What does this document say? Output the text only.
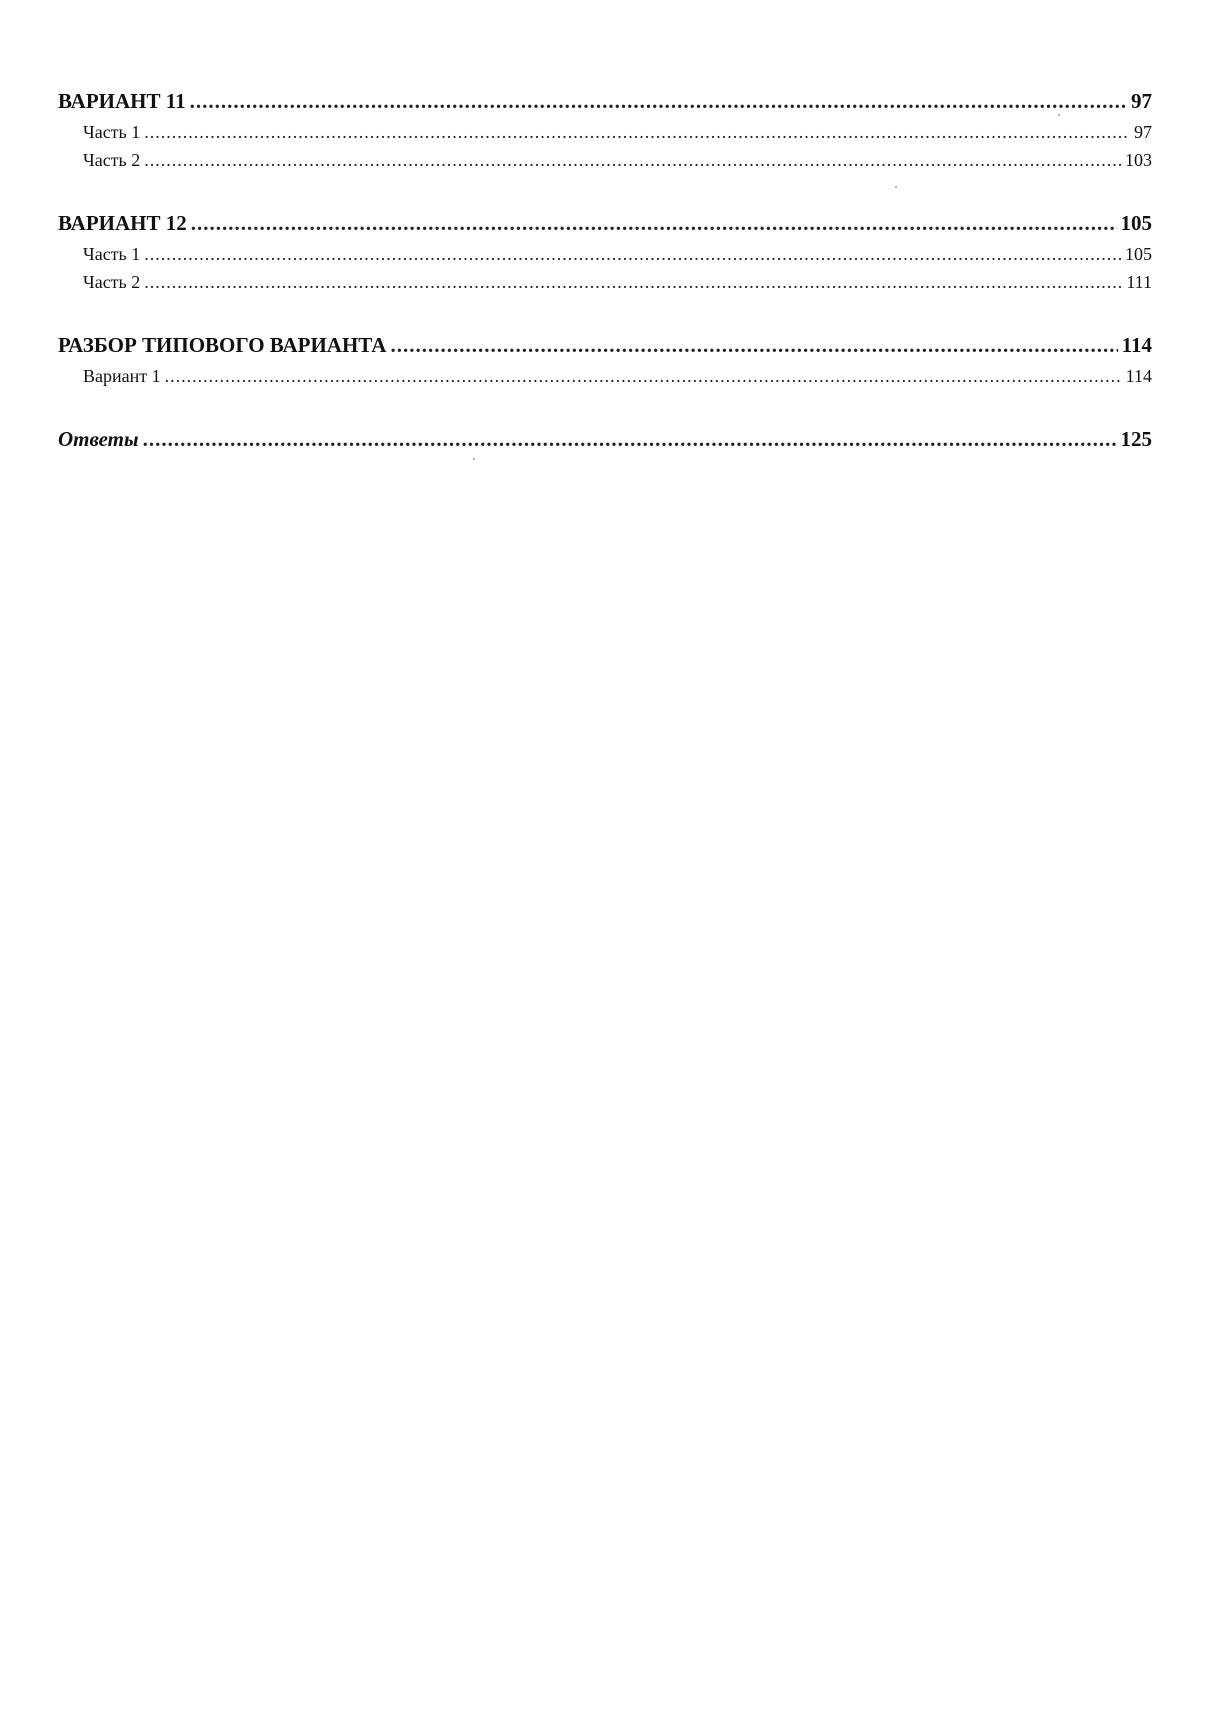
ВАРИАНТ 11 .....	97
Часть 1 .....	97
Часть 2 .....	103
ВАРИАНТ 12 .....	105
Часть 1 .....	105
Часть 2 .....	111
РАЗБОР ТИПОВОГО ВАРИАНТА .....	114
Вариант 1 .....	114
Ответы .....	125
